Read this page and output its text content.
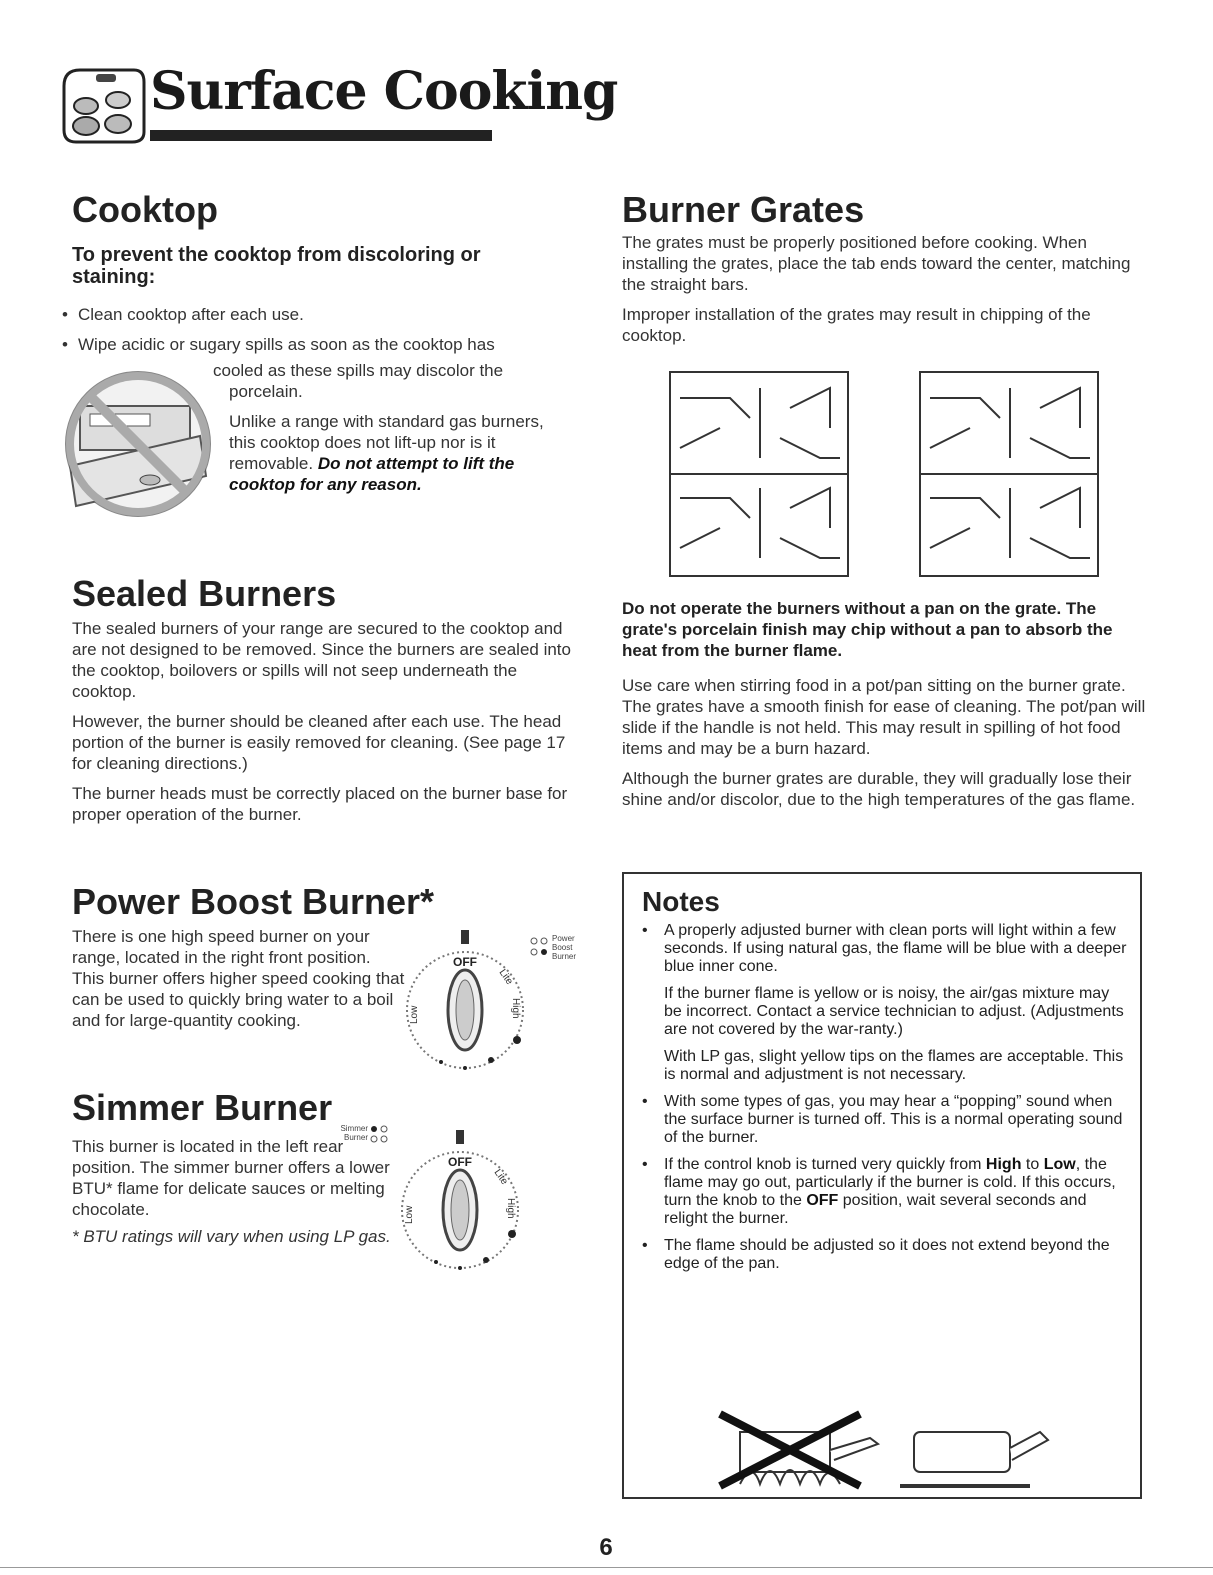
Surface Cooking
Cooktop
To prevent the cooktop from discoloring or staining:
• Clean cooktop after each use.
• Wipe acidic or sugary spills as soon as the cooktop has
cooled as these spills may discolor the
porcelain.
Unlike a range with standard gas burners,
this cooktop does not lift-up nor is it
removable. Do not attempt to lift the
cooktop for any reason.
Sealed Burners

The sealed burners of your range are secured to the cooktop and are not designed to be removed. Since the burners are sealed into the cooktop, boilovers or spills will not seep underneath the cooktop.

However, the burner should be cleaned after each use. The head portion of the burner is easily removed for cleaning. (See page 17 for cleaning directions.)

The burner heads must be correctly placed on the burner base for proper operation of the burner.

Power Boost Burner*

There is one high speed burner on your range, located in the right front position. This burner offers higher speed cooking that can be used to quickly bring water to a boil and for large-quantity cooking.

OFF
Low	High
Lite
Power
Boost
Burner
Simmer Burner

This burner is located in the left rear position. The simmer burner offers a lower BTU* flame for delicate sauces or melting chocolate.

* BTU ratings will vary when using LP gas.

Simmer
Burner
OFF
Low	High
Lite
Burner Grates

The grates must be properly positioned before cooking. When installing the grates, place the tab ends toward the center, matching the straight bars.

Improper installation of the grates may result in chipping of the cooktop.

Do not operate the burners without a pan on the grate. The grate's porcelain finish may chip without a pan to absorb the heat from the burner flame.

Use care when stirring food in a pot/pan sitting on the burner grate. The grates have a smooth finish for ease of cleaning. The pot/pan will slide if the handle is not held. This may result in spilling of hot food items and may be a burn hazard.

Although the burner grates are durable, they will gradually lose their shine and/or discolor, due to the high temperatures of the gas flame.

Notes
• A properly adjusted burner with clean ports will light within a few seconds. If using natural gas, the flame will be blue with a deeper blue inner cone.
If the burner flame is yellow or is noisy, the air/gas mixture may be incorrect. Contact a service technician to adjust. (Adjustments are not covered by the war-ranty.)
With LP gas, slight yellow tips on the flames are acceptable. This is normal and adjustment is not necessary.
• With some types of gas, you may hear a “popping” sound when the surface burner is turned off. This is a normal operating sound of the burner.
• If the control knob is turned very quickly from High to Low, the flame may go out, particularly if the burner is cold. If this occurs, turn the knob to the OFF position, wait several seconds and relight the burner.
• The flame should be adjusted so it does not extend beyond the edge of the pan.
6
